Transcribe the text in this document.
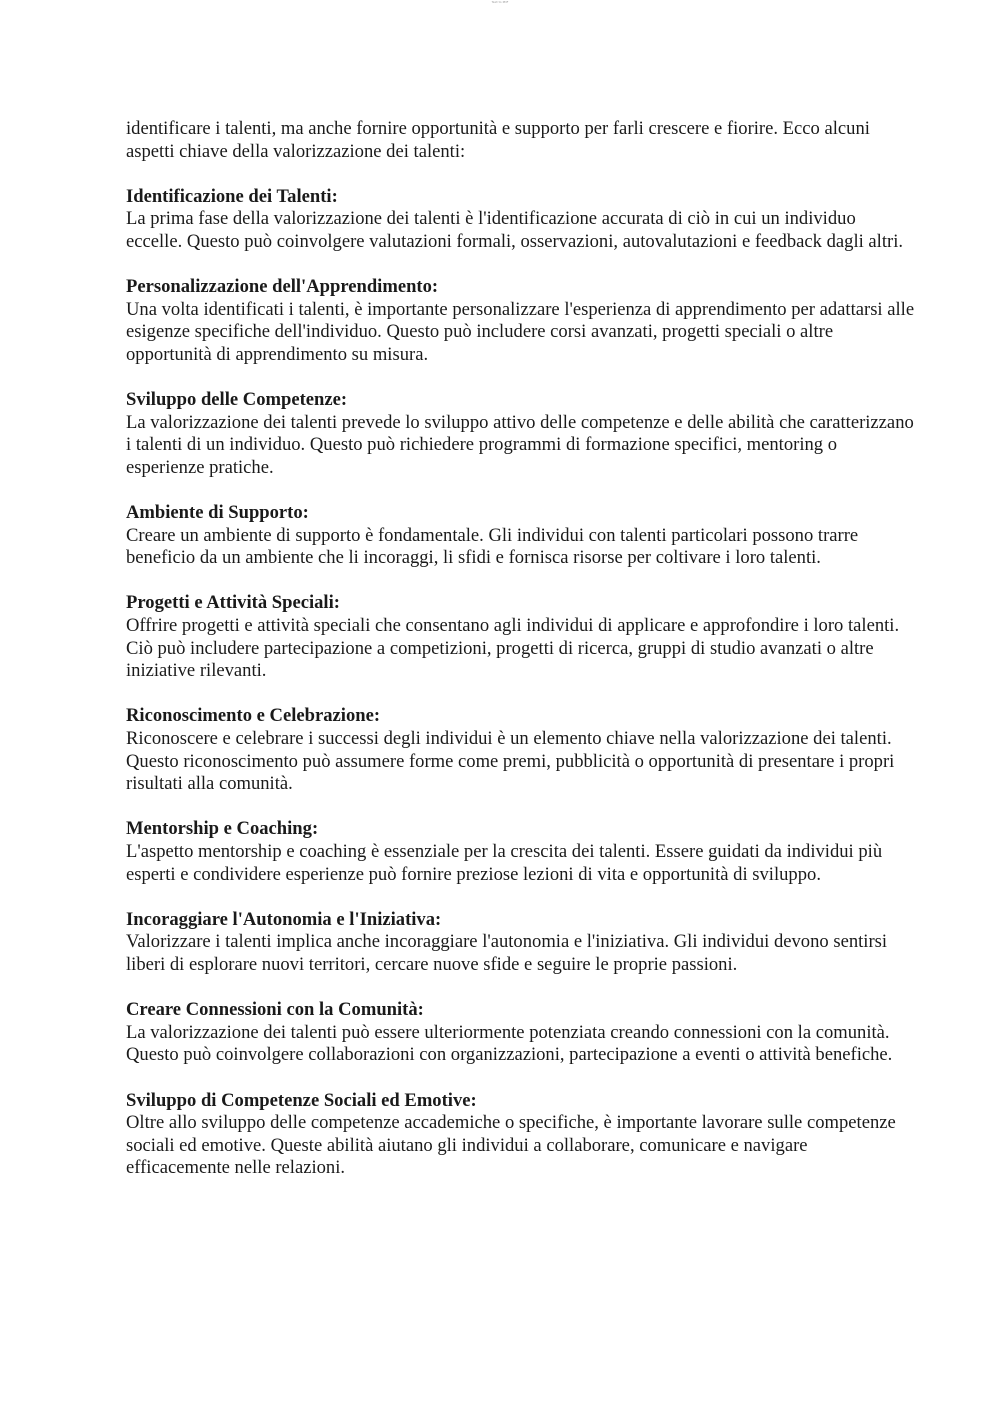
Text to PDF

identificare i talenti, ma anche fornire opportunità e supporto per farli crescere e fiorire. Ecco alcuni aspetti chiave della valorizzazione dei talenti:

Identificazione dei Talenti:

La prima fase della valorizzazione dei talenti è l'identificazione accurata di ciò in cui un individuo eccelle. Questo può coinvolgere valutazioni formali, osservazioni, autovalutazioni e feedback dagli altri.

Personalizzazione dell'Apprendimento:

Una volta identificati i talenti, è importante personalizzare l'esperienza di apprendimento per adattarsi alle esigenze specifiche dell'individuo. Questo può includere corsi avanzati, progetti speciali o altre opportunità di apprendimento su misura.

Sviluppo delle Competenze:

La valorizzazione dei talenti prevede lo sviluppo attivo delle competenze e delle abilità che caratterizzano i talenti di un individuo. Questo può richiedere programmi di formazione specifici, mentoring o esperienze pratiche.

Ambiente di Supporto:

Creare un ambiente di supporto è fondamentale. Gli individui con talenti particolari possono trarre beneficio da un ambiente che li incoraggi, li sfidi e fornisca risorse per coltivare i loro talenti.

Progetti e Attività Speciali:

Offrire progetti e attività speciali che consentano agli individui di applicare e approfondire i loro talenti. Ciò può includere partecipazione a competizioni, progetti di ricerca, gruppi di studio avanzati o altre iniziative rilevanti.

Riconoscimento e Celebrazione:

Riconoscere e celebrare i successi degli individui è un elemento chiave nella valorizzazione dei talenti. Questo riconoscimento può assumere forme come premi, pubblicità o opportunità di presentare i propri risultati alla comunità.

Mentorship e Coaching:

L'aspetto mentorship e coaching è essenziale per la crescita dei talenti. Essere guidati da individui più esperti e condividere esperienze può fornire preziose lezioni di vita e opportunità di sviluppo.

Incoraggiare l'Autonomia e l'Iniziativa:

Valorizzare i talenti implica anche incoraggiare l'autonomia e l'iniziativa. Gli individui devono sentirsi liberi di esplorare nuovi territori, cercare nuove sfide e seguire le proprie passioni.

Creare Connessioni con la Comunità:

La valorizzazione dei talenti può essere ulteriormente potenziata creando connessioni con la comunità. Questo può coinvolgere collaborazioni con organizzazioni, partecipazione a eventi o attività benefiche.

Sviluppo di Competenze Sociali ed Emotive:

Oltre allo sviluppo delle competenze accademiche o specifiche, è importante lavorare sulle competenze sociali ed emotive. Queste abilità aiutano gli individui a collaborare, comunicare e navigare efficacemente nelle relazioni.
